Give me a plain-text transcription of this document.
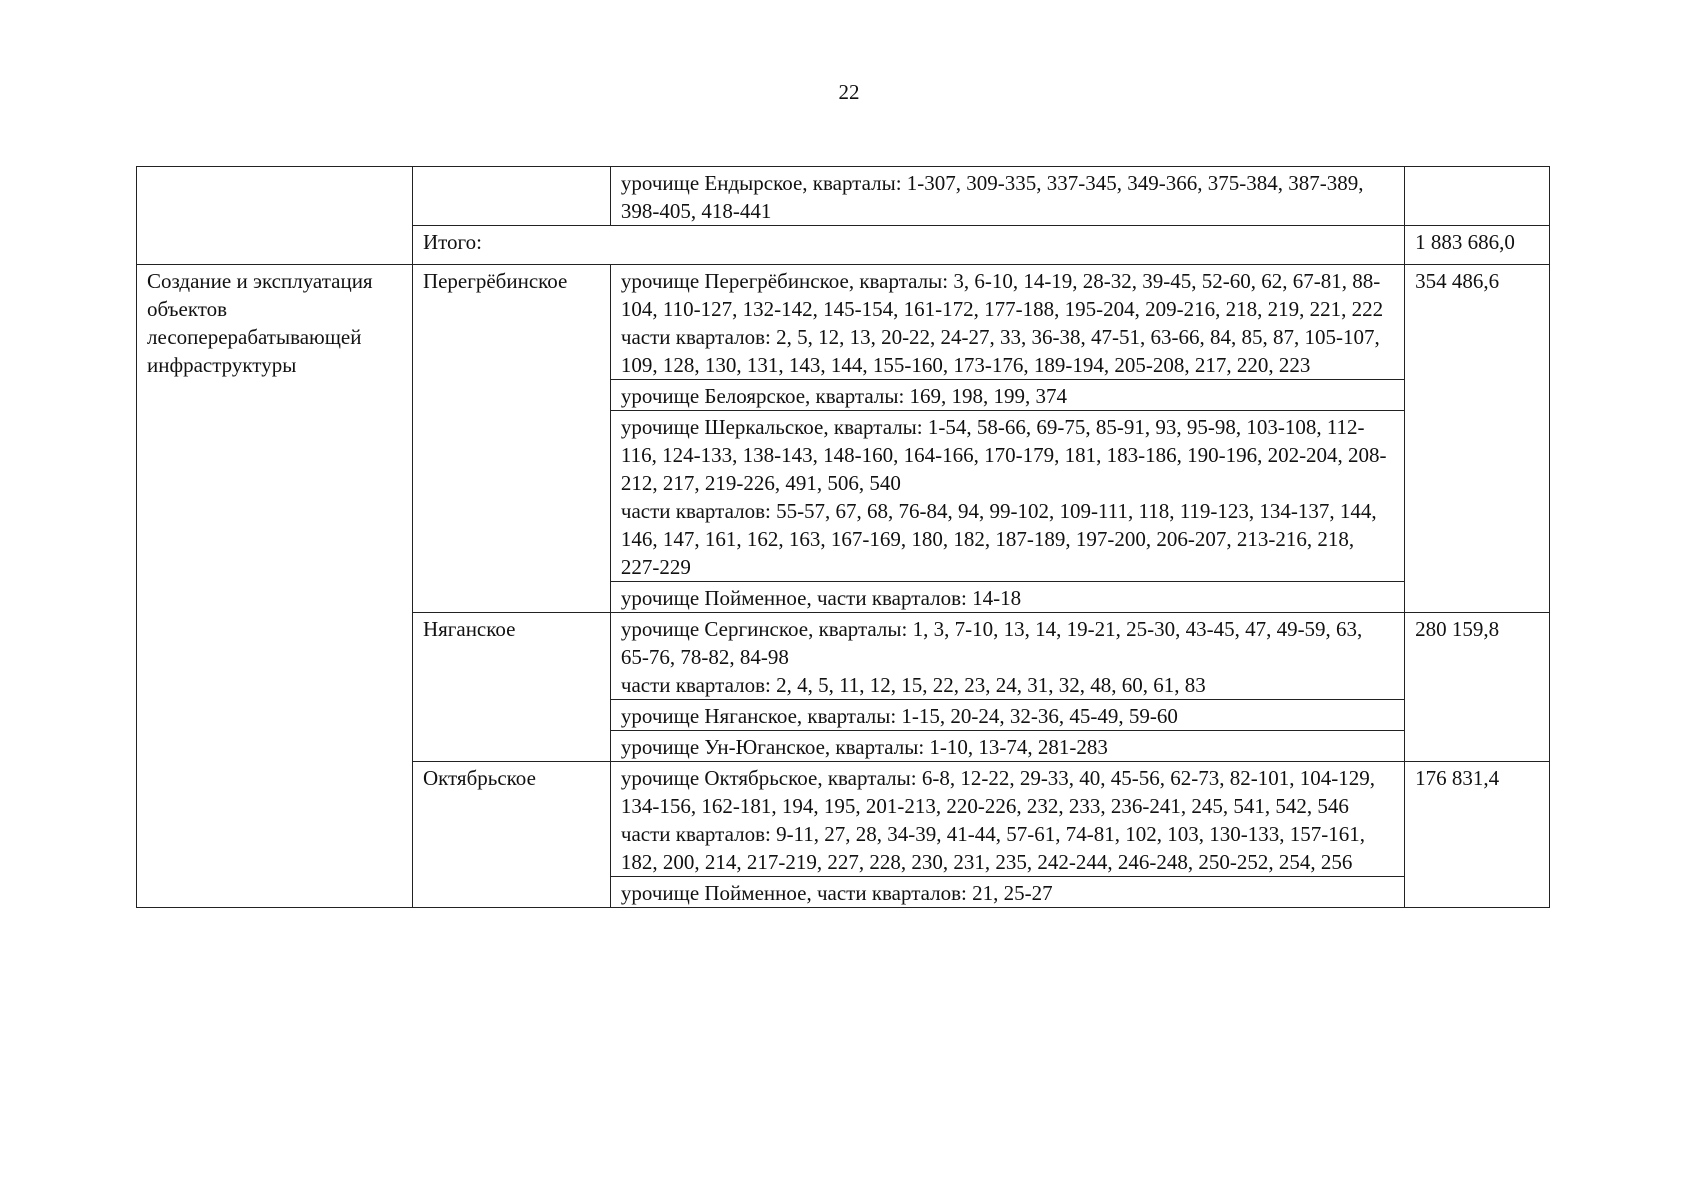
22
		урочище Ендырское, кварталы: 1-307, 309-335, 337-345, 349-366, 375-384, 387-389, 398-405, 418-441	
	Итого:		1 883 686,0
Создание и эксплуатация объектов лесоперерабатывающей инфраструктуры	Перегрёбинское	урочище Перегрёбинское, кварталы: 3, 6-10, 14-19, 28-32, 39-45, 52-60, 62, 67-81, 88-104, 110-127, 132-142, 145-154, 161-172, 177-188, 195-204, 209-216, 218, 219, 221, 222
части кварталов: 2, 5, 12, 13, 20-22, 24-27, 33, 36-38, 47-51, 63-66, 84, 85, 87, 105-107, 109, 128, 130, 131, 143, 144, 155-160, 173-176, 189-194, 205-208, 217, 220, 223	354 486,6
		урочище Белоярское, кварталы: 169, 198, 199, 374	

		урочище Шеркальское, кварталы: 1-54, 58-66, 69-75, 85-91, 93, 95-98, 103-108, 112-116, 124-133, 138-143, 148-160, 164-166, 170-179, 181, 183-186, 190-196, 202-204, 208-212, 217, 219-226, 491, 506, 540
части кварталов: 55-57, 67, 68, 76-84, 94, 99-102, 109-111, 118, 119-123, 134-137, 144, 146, 147, 161, 162, 163, 167-169, 180, 182, 187-189, 197-200, 206-207, 213-216, 218, 227-229	

		урочище Пойменное, части кварталов: 14-18	
	Няганское	урочище Сергинское, кварталы: 1, 3, 7-10, 13, 14, 19-21, 25-30, 43-45, 47, 49-59, 63, 65-76, 78-82, 84-98
части кварталов: 2, 4, 5, 11, 12, 15, 22, 23, 24, 31, 32, 48, 60, 61, 83	280 159,8
		урочище Няганское, кварталы: 1-15, 20-24, 32-36, 45-49, 59-60	
		урочище Ун-Юганское, кварталы: 1-10, 13-74, 281-283	
	Октябрьское	урочище Октябрьское, кварталы: 6-8, 12-22, 29-33, 40, 45-56, 62-73, 82-101, 104-129, 134-156, 162-181, 194, 195, 201-213, 220-226, 232, 233, 236-241, 245, 541, 542, 546
части кварталов: 9-11, 27, 28, 34-39, 41-44, 57-61, 74-81, 102, 103, 130-133, 157-161, 182, 200, 214, 217-219, 227, 228, 230, 231, 235, 242-244, 246-248, 250-252, 254, 256	176 831,4
		урочище Пойменное, части кварталов: 21, 25-27	
